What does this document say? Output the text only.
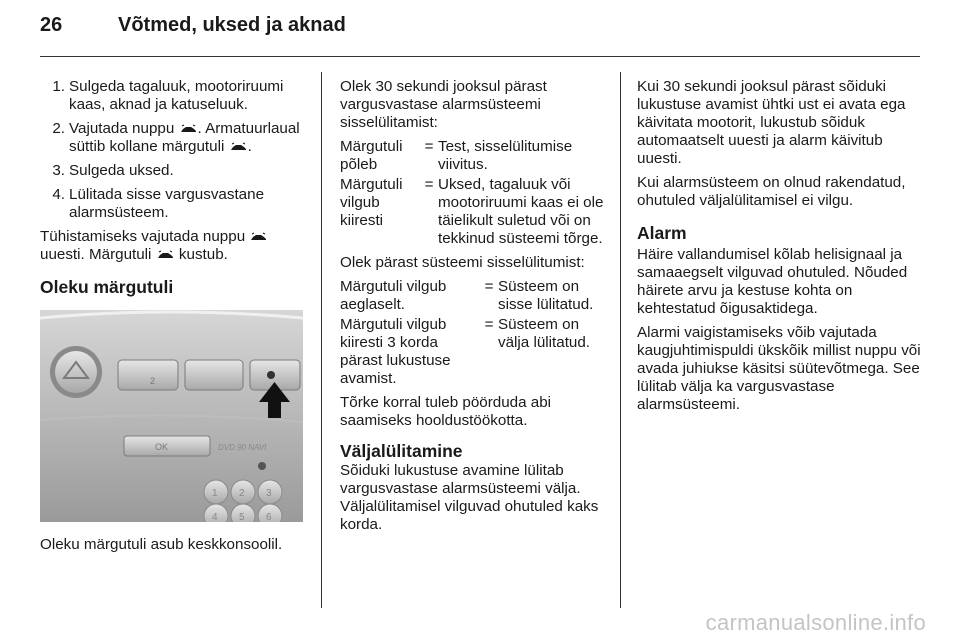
26	Võtmed, uksed ja aknad
1. Sulgeda tagaluuk, mootoriruumi kaas, aknad ja katuseluuk.
2. Vajutada nuppu . Armatuurlaual süttib kollane märgutuli .
3. Sulgeda uksed.
4. Lülitada sisse vargusvastane alarmsüsteem.
Tühistamiseks vajutada nuppu  uuesti. Märgutuli kustub.
Oleku märgutuli
2
OK	DVD 90 NAVI
1 2 3
4 5 6
Oleku märgutuli asub keskkonsoolil.
Olek 30 sekundi jooksul pärast vargusvastase alarmsüsteemi sisselülitamist:
Märgutuli põleb
= Test, sisselülitumise viivitus.
Märgutuli vilgub kiiresti
= Uksed, tagaluuk või mootoriruumi kaas ei ole täielikult suletud või on tekkinud süsteemi tõrge.
Olek pärast süsteemi sisselülitumist:
Märgutuli vilgub aeglaselt.
= Süsteem on sisse lülitatud.
Märgutuli vilgub kiiresti 3 korda pärast lukustuse avamist.
= Süsteem on välja lülitatud.
Tõrke korral tuleb pöörduda abi saamiseks hooldustöökotta.
Väljalülitamine
Sõiduki lukustuse avamine lülitab vargusvastase alarmsüsteemi välja. Väljalülitamisel vilguvad ohutuled kaks korda.
Kui 30 sekundi jooksul pärast sõiduki lukustuse avamist ühtki ust ei avata ega käivitata mootorit, lukustub sõiduk automaatselt uuesti ja alarm käivitub uuesti.
Kui alarmsüsteem on olnud rakendatud, ohutuled väljalülitamisel ei vilgu.
Alarm
Häire vallandumisel kõlab helisignaal ja samaaegselt vilguvad ohutuled. Nõuded häirete arvu ja kestuse kohta on kehtestatud õigusaktidega.
Alarmi vaigistamiseks võib vajutada kaugjuhtimispuldi ükskõik millist nuppu või avada juhiukse käsitsi süütevõtmega. See lülitab välja ka vargusvastase alarmsüsteemi.
carmanualsonline.info
